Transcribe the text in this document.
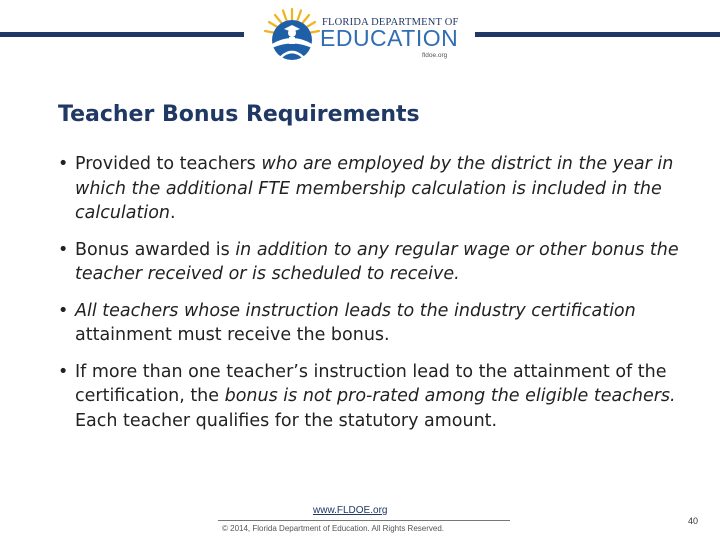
FLORIDA DEPARTMENT OF
EDUCATION
fldoe.org
Teacher Bonus Requirements
• Provided to teachers who are employed by the district in the year in which the additional FTE membership calculation is included in the calculation.
• Bonus awarded is in addition to any regular wage or other bonus the teacher received or is scheduled to receive.
• All teachers whose instruction leads to the industry certification attainment must receive the bonus.
• If more than one teacher’s instruction lead to the attainment of the certification, the bonus is not pro-rated among the eligible teachers. Each teacher qualifies for the statutory amount.
www.FLDOE.org
© 2014, Florida Department of Education. All Rights Reserved.
40
